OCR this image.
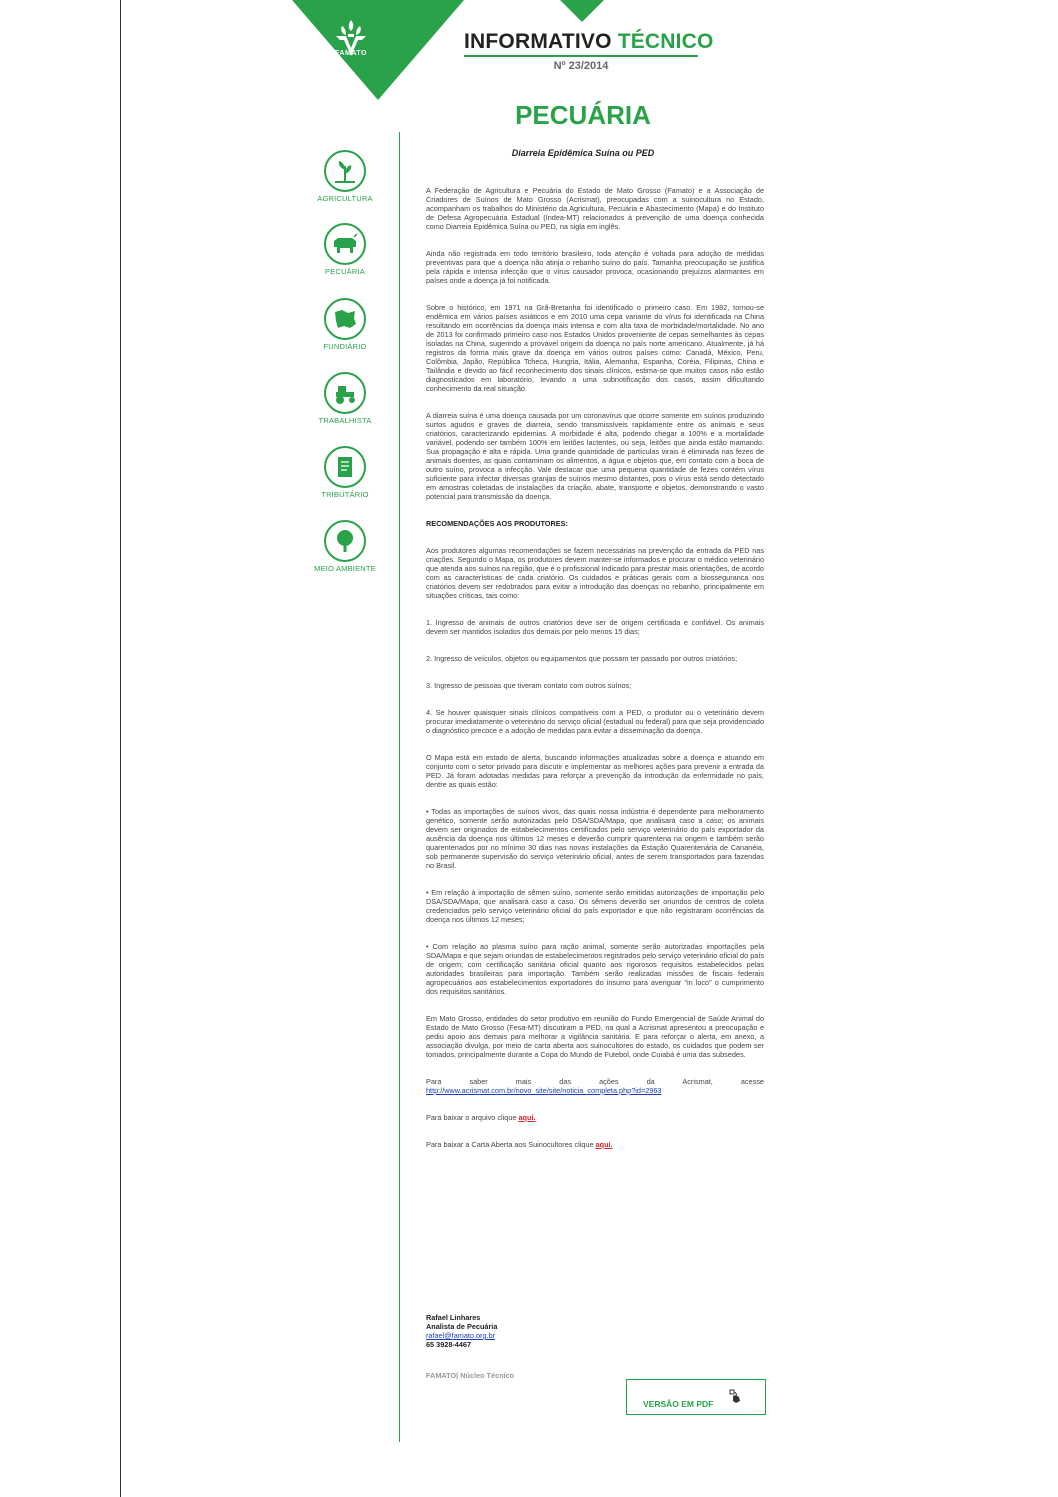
FAMATO
INFORMATIVO TÉCNICO
Nº 23/2014
PECUÁRIA
AGRICULTURA
PECUÁRIA
FUNDIÁRIO
TRABALHISTA
TRIBUTÁRIO
MEIO AMBIENTE
Diarreia Epidêmica Suína ou PED

A Federação de Agricultura e Pecuária do Estado de Mato Grosso (Famato) e a Associação de Criadores de Suínos de Mato Grosso (Acrismat), preocupadas com a suinocultura no Estado, acompanham os trabalhos do Ministério da Agricultura, Pecuária e Abastecimento (Mapa) e do Instituto de Defesa Agropecuária Estadual (Indea-MT) relacionados à prevenção de uma doença conhecida como Diarreia Epidêmica Suína ou PED, na sigla em inglês.

Ainda não registrada em todo território brasileiro, toda atenção é voltada para adoção de medidas preventivas para que a doença não atinja o rebanho suíno do país. Tamanha preocupação se justifica pela rápida e intensa infecção que o vírus causador provoca, ocasionando prejuízos alarmantes em países onde a doença já foi notificada.

Sobre o histórico, em 1971 na Grã-Bretanha foi identificado o primeiro caso. Em 1982, tornou-se endêmica em vários países asiáticos e em 2010 uma cepa variante do vírus foi identificada na China resultando em ocorrências da doença mais intensa e com alta taxa de morbidade/mortalidade. No ano de 2013 foi confirmado primeiro caso nos Estados Unidos proveniente de cepas semelhantes às cepas isoladas na China, sugerindo a provável origem da doença no país norte americano. Atualmente, já há registros da forma mais grave da doença em vários outros países como: Canadá, México, Peru, Colômbia, Japão, República Tcheca, Hungria, Itália, Alemanha, Espanha, Coréia, Filipinas, China e Tailândia e devido ao fácil reconhecimento dos sinais clínicos, estima-se que muitos casos não estão diagnosticados em laboratório, levando a uma subnotificação dos casos, assim dificultando conhecimento da real situação.

A diarreia suína é uma doença causada por um coronavírus que ocorre somente em suínos produzindo surtos agudos e graves de diarreia, sendo transmissíveis rapidamente entre os animais e seus criatórios, caracterizando epidemias. A morbidade é alta, podendo chegar a 100% e a mortalidade variável, podendo ser também 100% em leitões lactentes, ou seja, leitões que ainda estão mamando. Sua propagação é alta e rápida. Uma grande quantidade de partículas virais é eliminada nas fezes de animais doentes, as quais contaminam os alimentos, a água e objetos que, em contato com a boca de outro suíno, provoca a infecção. Vale destacar que uma pequena quantidade de fezes contém vírus suficiente para infectar diversas granjas de suínos mesmo distantes, pois o vírus está sendo detectado em amostras coletadas de instalações da criação, abate, transporte e objetos, demonstrando o vasto potencial para transmissão da doença.

RECOMENDAÇÕES AOS PRODUTORES:

Aos produtores algumas recomendações se fazem necessárias na prevenção da entrada da PED nas criações. Segundo o Mapa, os produtores devem manter-se informados e procurar o médico veterinário que atenda aos suínos na região, que é o profissional indicado para prestar mais orientações, de acordo com as características de cada criatório. Os cuidados e práticas gerais com a biosseguranca nos criatórios devem ser redobrados para evitar a introdução das doenças no rebanho, principalmente em situações críticas, tais como:

1. Ingresso de animais de outros criatórios deve ser de origem certificada e confiável. Os animais devem ser mantidos isolados dos demais por pelo menos 15 dias;

2. Ingresso de veículos, objetos ou equipamentos que possam ter passado por outros criatórios;

3. Ingresso de pessoas que tiveram contato com outros suínos;

4. Se houver quaisquer sinais clínicos compatíveis com a PED, o produtor ou o veterinário devem procurar imediatamente o veterinário do serviço oficial (estadual ou federal) para que seja providenciado o diagnóstico precoce e a adoção de medidas para evitar a disseminação da doença.

O Mapa está em estado de alerta, buscando informações atualizadas sobre a doença e atuando em conjunto com o setor privado para discutir e implementar as melhores ações para prevenir a entrada da PED. Já foram adotadas medidas para reforçar a prevenção da introdução da enfermidade no país, dentre as quais estão:

• Todas as importações de suínos vivos, das quais nossa indústria é dependente para melhoramento genético, somente serão autorizadas pelo DSA/SDA/Mapa, que analisará caso a caso; os animais devem ser originados de estabelecimentos certificados pelo serviço veterinário do país exportador da ausência da doença nos últimos 12 meses e deverão cumprir quarentena na origem e também serão quarentenados por no mínimo 30 dias nas novas instalações da Estação Quarentenária de Cananéia, sob permanente supervisão do serviço veterinário oficial, antes de serem transportados para fazendas no Brasil.

• Em relação à importação de sêmen suíno, somente serão emitidas autorizações de importação pelo DSA/SDA/Mapa, que analisará caso a caso. Os sêmens deverão ser oriundos de centros de coleta credenciados pelo serviço veterinário oficial do país exportador e que não registraram ocorrências da doença nos últimos 12 meses;

• Com relação ao plasma suíno para ração animal, somente serão autorizadas importações pela SDA/Mapa e que sejam oriundas de estabelecimentos registrados pelo serviço veterinário oficial do país de origem; com certificação sanitária oficial quanto aos rigorosos requisitos estabelecidos pelas autoridades brasileiras para importação. Também serão realizadas missões de fiscais federais agropecuários aos estabelecimentos exportadores do insumo para averiguar "in loco" o cumprimento dos requisitos sanitários.

Em Mato Grosso, entidades do setor produtivo em reunião do Fundo Emergencial de Saúde Animal do Estado de Mato Grosso (Fesa-MT) discutiram a PED, na qual a Acrismat apresentou a preocupação e pediu apoio aos demais para melhorar a vigilância sanitária. E para reforçar o alerta, em anexo, a associação divulga, por meio de carta aberta aos suinocultores do estado, os cuidados que podem ser tomados, principalmente durante a Copa do Mundo de Futebol, onde Cuiabá é uma das subsedes.

Para saber mais das ações da Acrismat, acesse http://www.acrismat.com.br/novo_site/site/noticia_completa.php?id=2963

Para baixar o arquivo clique aqui.

Para baixar a Carta Aberta aos Suinocultores clique aqui.

Rafael Linhares
Analista de Pecuária
rafael@famato.org.br
65 3928-4467
FAMATO| Núcleo Técnico
VERSÃO EM PDF
